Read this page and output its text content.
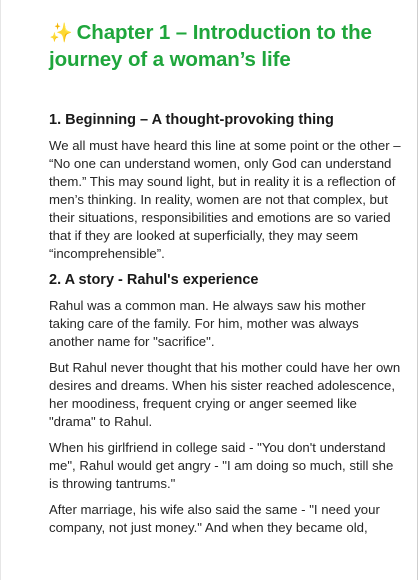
✨ Chapter 1 – Introduction to the journey of a woman’s life
1. Beginning – A thought-provoking thing

We all must have heard this line at some point or the other – “No one can understand women, only God can understand them.” This may sound light, but in reality it is a reflection of men’s thinking. In reality, women are not that complex, but their situations, responsibilities and emotions are so varied that if they are looked at superficially, they may seem “incomprehensible”.

2. A story - Rahul's experience

Rahul was a common man. He always saw his mother taking care of the family. For him, mother was always another name for "sacrifice".

But Rahul never thought that his mother could have her own desires and dreams. When his sister reached adolescence, her moodiness, frequent crying or anger seemed like "drama" to Rahul.

When his girlfriend in college said - "You don't understand me", Rahul would get angry - "I am doing so much, still she is throwing tantrums."

After marriage, his wife also said the same - "I need your company, not just money." And when they became old,
